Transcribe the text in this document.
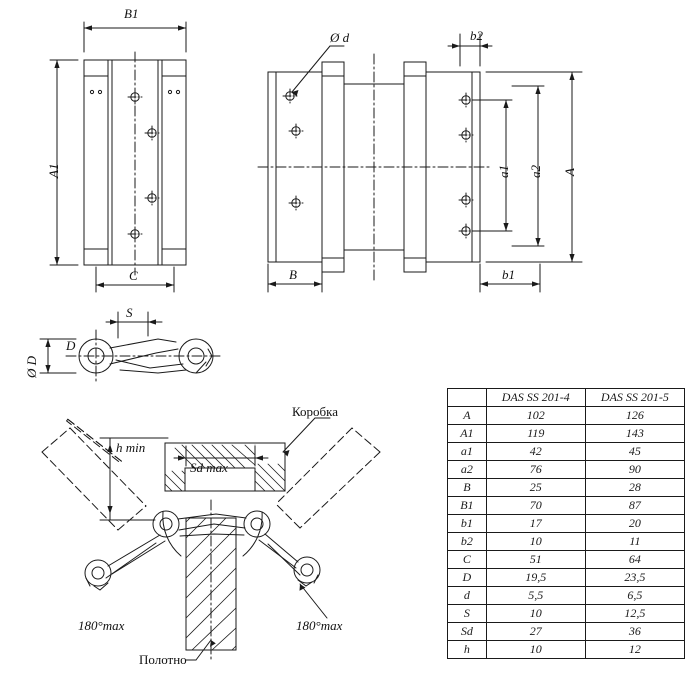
B1
A1
C
Ø d	b2
a1 a2 A
B	b1
S
D
Ø D
h min
Sd max
Коробка
Полотно
180°max	180°max
	DAS SS 201-4	DAS SS 201-5
A	102	126
A1	119	143
a1	42	45
a2	76	90
B	25	28
B1	70	87
b1	17	20
b2	10	11
C	51	64
D	19,5	23,5
d	5,5	6,5
S	10	12,5
Sd	27	36
h	10	12
